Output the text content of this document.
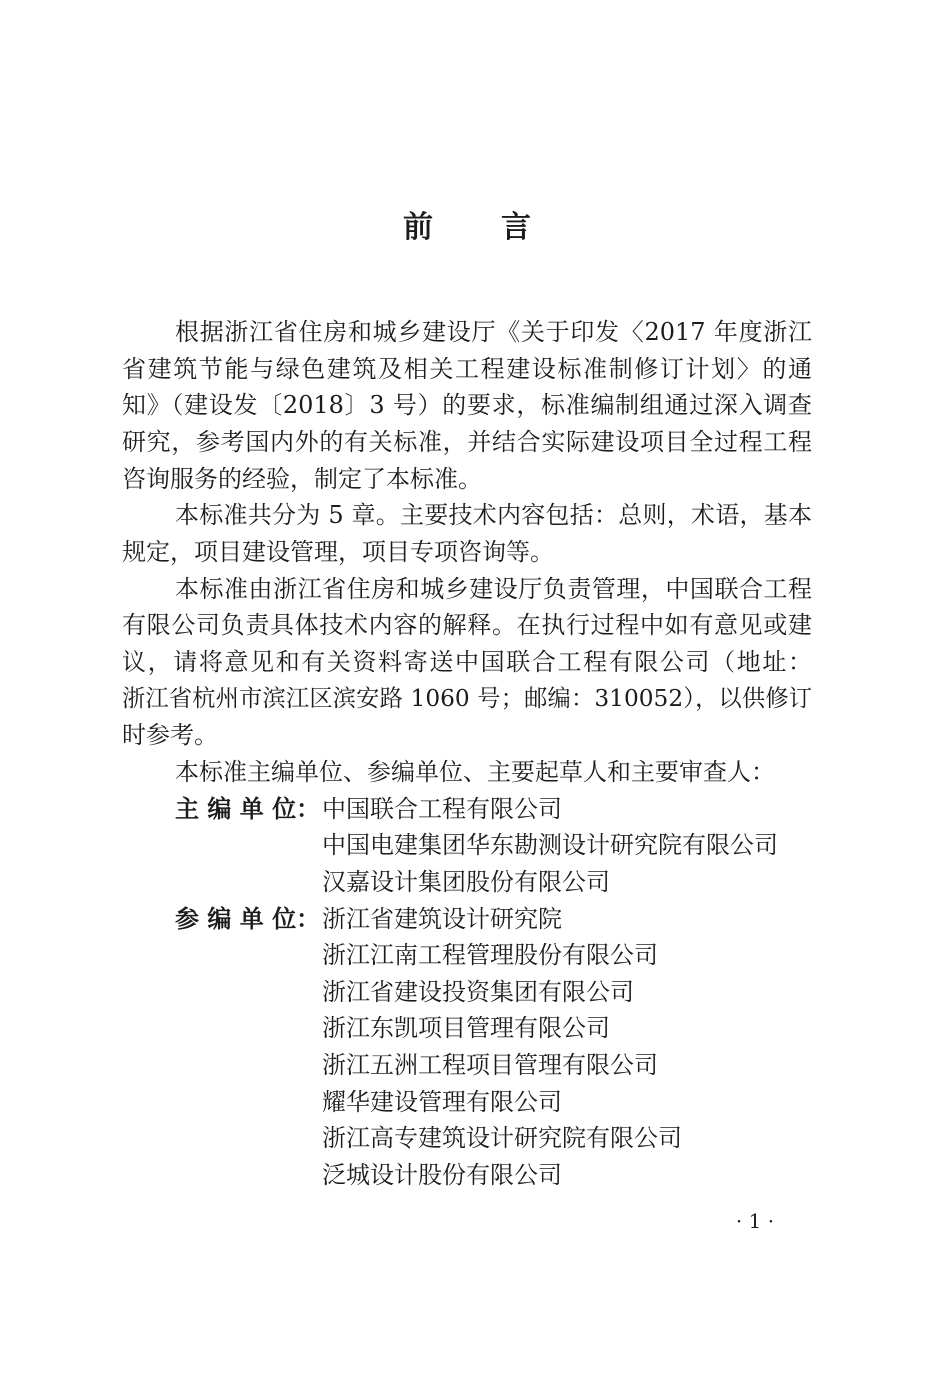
前　言
根据浙江省住房和城乡建设厅《关于印发〈2017 年度浙江
省建筑节能与绿色建筑及相关工程建设标准制修订计划〉的通
知》（建设发〔2018〕3 号）的要求，标准编制组通过深入调查
研究，参考国内外的有关标准，并结合实际建设项目全过程工程
咨询服务的经验，制定了本标准。
本标准共分为 5 章。主要技术内容包括：总则，术语，基本
规定，项目建设管理，项目专项咨询等。
本标准由浙江省住房和城乡建设厅负责管理，中国联合工程
有限公司负责具体技术内容的解释。在执行过程中如有意见或建
议，请将意见和有关资料寄送中国联合工程有限公司（地址：
浙江省杭州市滨江区滨安路 1060 号；邮编：310052），以供修订
时参考。
本标准主编单位、参编单位、主要起草人和主要审查人：
主 编 单 位： 中国联合工程有限公司
中国电建集团华东勘测设计研究院有限公司
汉嘉设计集团股份有限公司
参 编 单 位： 浙江省建筑设计研究院
浙江江南工程管理股份有限公司
浙江省建设投资集团有限公司
浙江东凯项目管理有限公司
浙江五洲工程项目管理有限公司
耀华建设管理有限公司
浙江高专建筑设计研究院有限公司
泛城设计股份有限公司
· 1 ·
